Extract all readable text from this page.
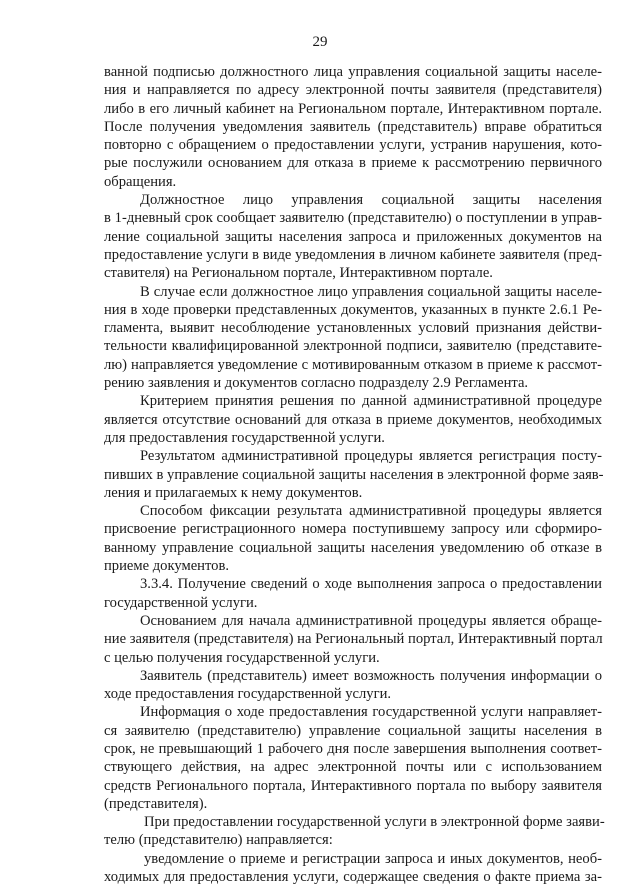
29
ванной подписью должностного лица управления социальной защиты населе-
ния и направляется по адресу электронной почты заявителя (представителя)
либо в его личный кабинет на Региональном портале, Интерактивном портале.
После получения уведомления заявитель (представитель) вправе обратиться
повторно с обращением о предоставлении услуги, устранив нарушения, кото-
рые послужили основанием для отказа в приеме к рассмотрению первичного
обращения.
Должностное лицо управления социальной защиты населения
в 1-дневный срок сообщает заявителю (представителю) о поступлении в управ-
ление социальной защиты населения запроса и приложенных документов на
предоставление услуги в виде уведомления в личном кабинете заявителя (пред-
ставителя) на Региональном портале, Интерактивном портале.
В случае если должностное лицо управления социальной защиты населе-
ния в ходе проверки представленных документов, указанных в пункте 2.6.1 Ре-
гламента, выявит несоблюдение установленных условий признания действи-
тельности квалифицированной электронной подписи, заявителю (представите-
лю) направляется уведомление с мотивированным отказом в приеме к рассмот-
рению заявления и документов согласно подразделу 2.9 Регламента.
Критерием принятия решения по данной административной процедуре
является отсутствие оснований для отказа в приеме документов, необходимых
для предоставления государственной услуги.
Результатом административной процедуры является регистрация посту-
пивших в управление социальной защиты населения в электронной форме заяв-
ления и прилагаемых к нему документов.
Способом фиксации результата административной процедуры является
присвоение регистрационного номера поступившему запросу или сформиро-
ванному управление социальной защиты населения уведомлению об отказе в
приеме документов.
3.3.4. Получение сведений о ходе выполнения запроса о предоставлении
государственной услуги.
Основанием для начала административной процедуры является обраще-
ние заявителя (представителя) на Региональный портал, Интерактивный портал
с целью получения государственной услуги.
Заявитель (представитель) имеет возможность получения информации о
ходе предоставления государственной услуги.
Информация о ходе предоставления государственной услуги направляет-
ся заявителю (представителю) управление социальной защиты населения в
срок, не превышающий 1 рабочего дня после завершения выполнения соответ-
ствующего действия, на адрес электронной почты или с использованием
средств Регионального портала, Интерактивного портала по выбору заявителя
(представителя).
При предоставлении государственной услуги в электронной форме заяви-
телю (представителю) направляется:
уведомление о приеме и регистрации запроса и иных документов, необ-
ходимых для предоставления услуги, содержащее сведения о факте приема за-
